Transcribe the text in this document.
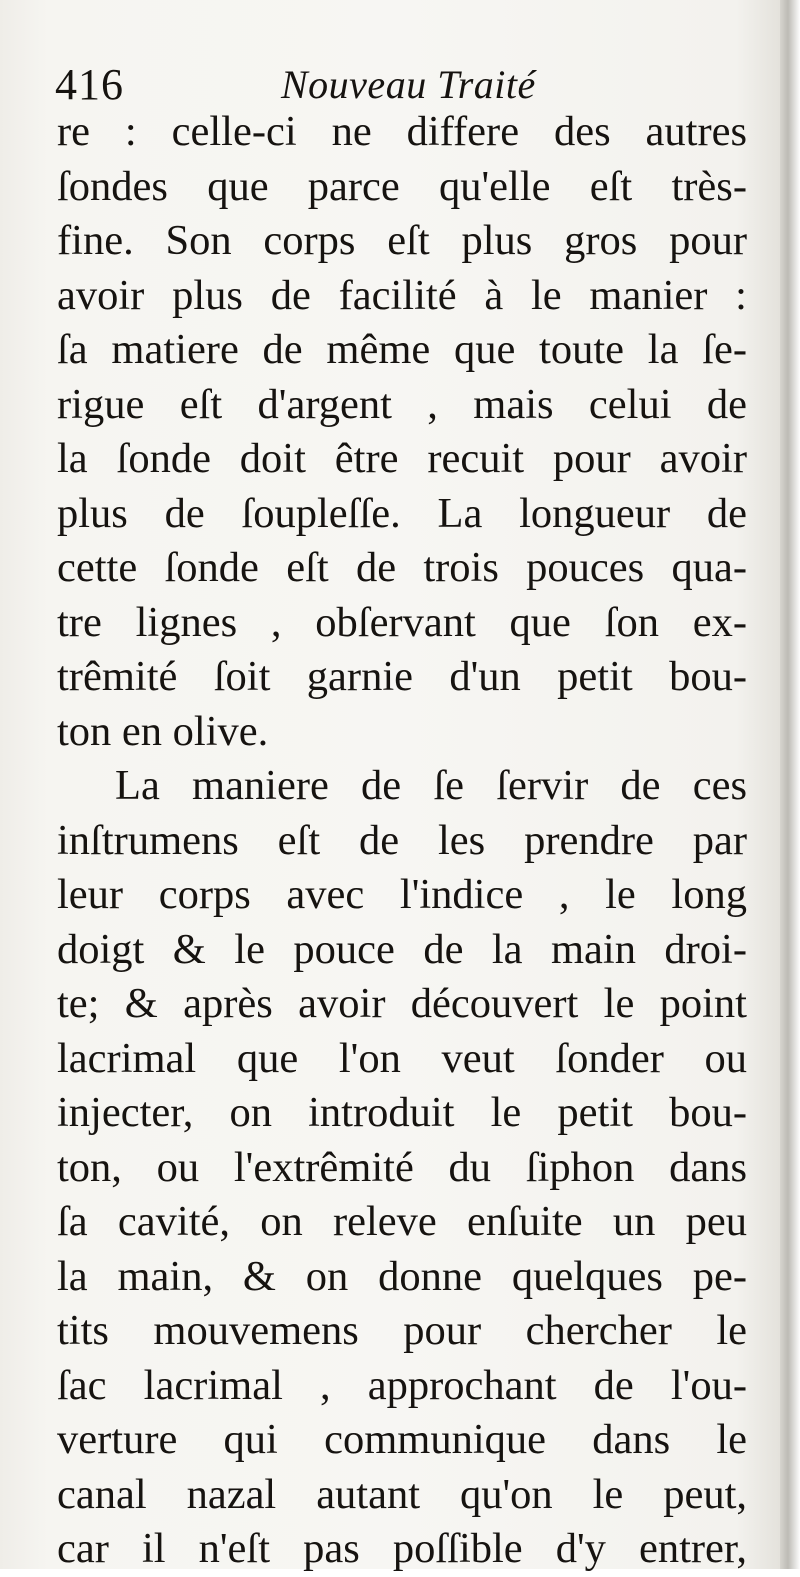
416	Nouveau Traité
re : celle-ci ne differe des autres
ſondes que parce qu'elle eſt très-
fine. Son corps eſt plus gros pour
avoir plus de facilité à le manier :
ſa matiere de même que toute la ſe-
rigue eſt d'argent , mais celui de
la ſonde doit être recuit pour avoir
plus de ſoupleſſe. La longueur de
cette ſonde eſt de trois pouces qua-
tre lignes , obſervant que ſon ex-
trêmité ſoit garnie d'un petit bou-
ton en olive.
La maniere de ſe ſervir de ces
inſtrumens eſt de les prendre par
leur corps avec l'indice , le long
doigt & le pouce de la main droi-
te; & après avoir découvert le point
lacrimal que l'on veut ſonder ou
injecter, on introduit le petit bou-
ton, ou l'extrêmité du ſiphon dans
ſa cavité, on releve enſuite un peu
la main, & on donne quelques pe-
tits mouvemens pour chercher le
ſac lacrimal , approchant de l'ou-
verture qui communique dans le
canal nazal autant qu'on le peut,
car il n'eſt pas poſſible d'y entrer,
